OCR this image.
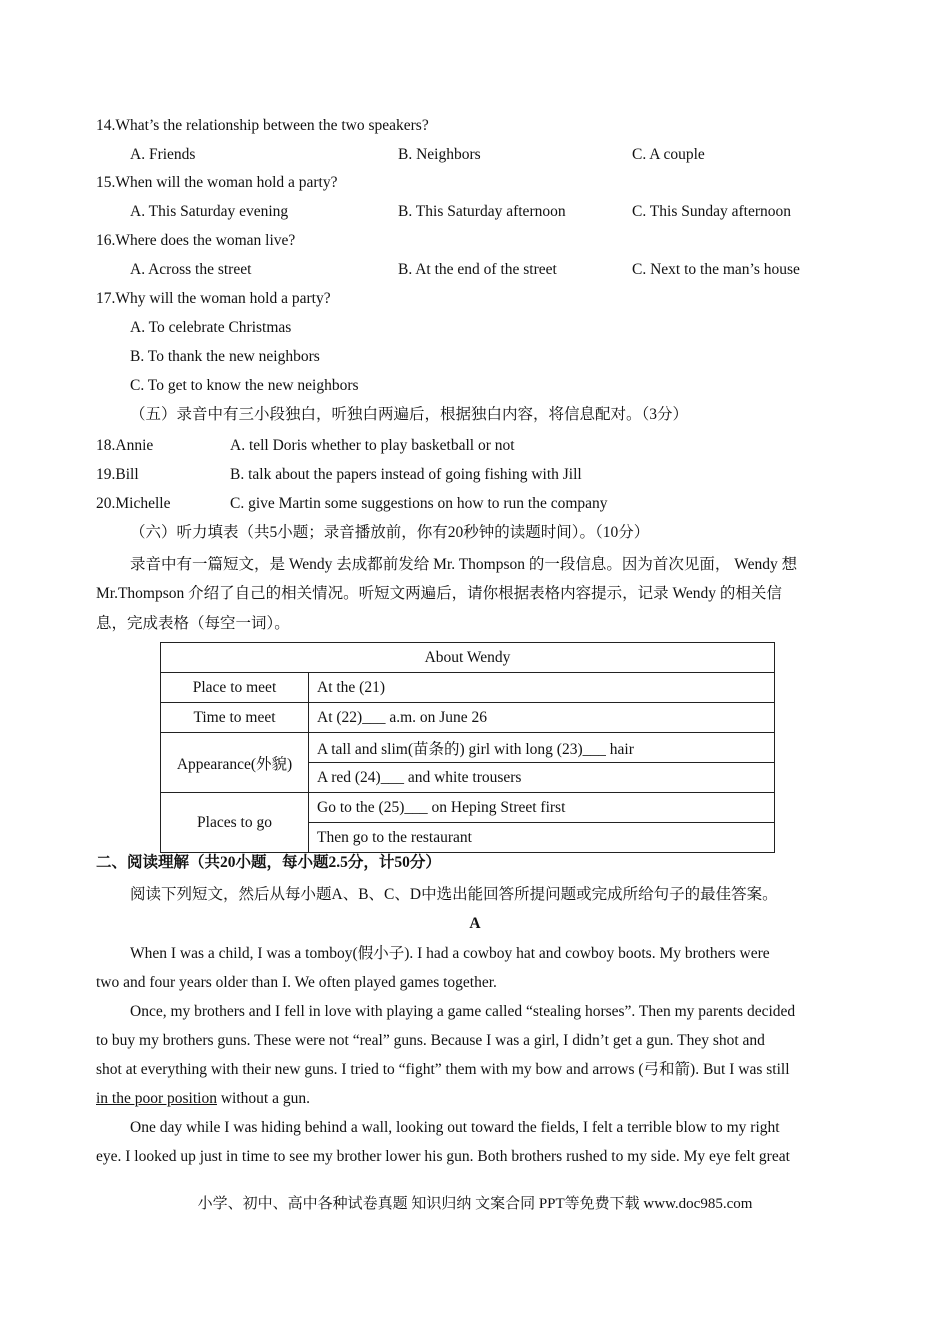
14.What’s the relationship between the two speakers?
A. Friends	B. Neighbors	C. A couple
15.When will the woman hold a party?
A. This Saturday evening	B. This Saturday afternoon	C. This Sunday afternoon
16.Where does the woman live?
A. Across the street	B. At the end of the street	C. Next to the man’s house
17.Why will the woman hold a party?
A. To celebrate Christmas
B. To thank the new neighbors
C. To get to know the new neighbors
（五）录音中有三小段独白，听独白两遍后，根据独白内容，将信息配对。（3分）
18.Annie	A. tell Doris whether to play basketball or not
19.Bill	B. talk about the papers instead of going fishing with Jill
20.Michelle	C. give Martin some suggestions on how to run the company
（六）听力填表（共5小题；录音播放前，你有20秒钟的读题时间）。（10分）
录音中有一篇短文，是 Wendy 去成都前发给 Mr. Thompson 的一段信息。因为首次见面， Wendy 想
Mr.Thompson 介绍了自己的相关情况。听短文两遍后，请你根据表格内容提示，记录 Wendy 的相关信
息，完成表格（每空一词）。
About Wendy	
Place to meet	At the (21)
Time to meet	At (22)___ a.m. on June 26
Appearance(外貌)	A tall and slim(苗条的) girl with long (23)___ hair
	A red (24)___ and white trousers
Places to go	Go to the (25)___ on Heping Street first
	Then go to the restaurant
二、阅读理解（共20小题，每小题2.5分，计50分）
阅读下列短文，然后从每小题A、B、C、D中选出能回答所提问题或完成所给句子的最佳答案。
A

When I was a child, I was a tomboy(假小子). I had a cowboy hat and cowboy boots. My brothers were

two and four years older than I. We often played games together.

Once, my brothers and I fell in love with playing a game called “stealing horses”. Then my parents decided

to buy my brothers guns. These were not “real” guns. Because I was a girl, I didn’t get a gun. They shot and

shot at everything with their new guns. I tried to “fight” them with my bow and arrows (弓和箭). But I was still

in the poor position without a gun.

One day while I was hiding behind a wall, looking out toward the fields, I felt a terrible blow to my right

eye. I looked up just in time to see my brother lower his gun. Both brothers rushed to my side. My eye felt great

小学、初中、高中各种试卷真题 知识归纳 文案合同 PPT等免费下载 www.doc985.com
